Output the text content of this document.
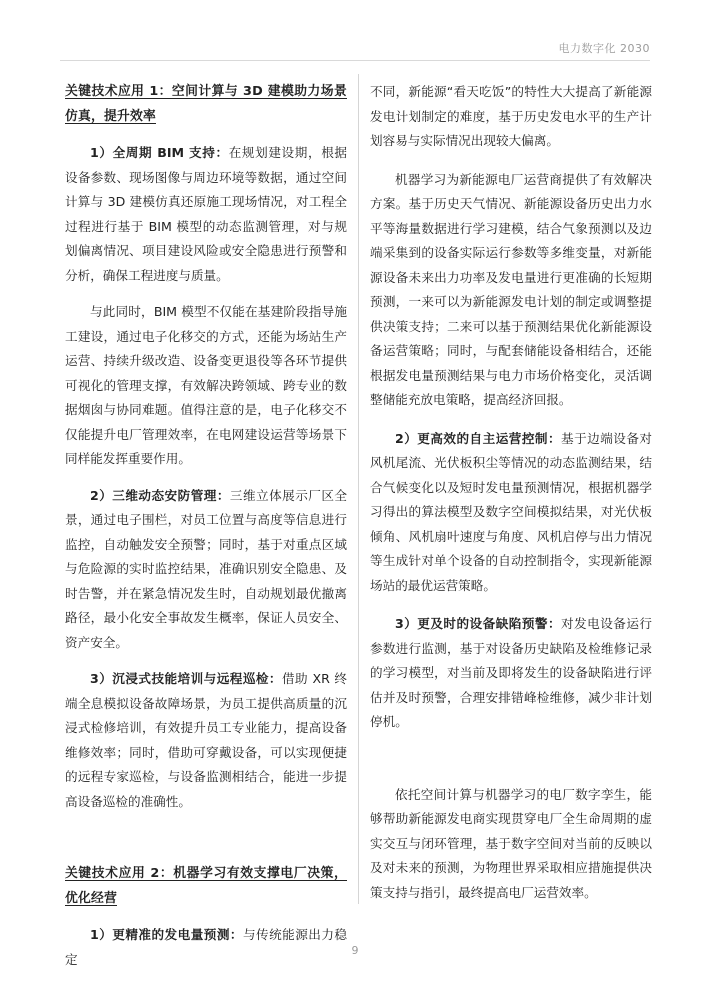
电力数字化 2030

关键技术应用 1：空间计算与 3D 建模助力场景仿真，提升效率

1）全周期 BIM 支持：在规划建设期，根据设备参数、现场图像与周边环境等数据，通过空间计算与 3D 建模仿真还原施工现场情况，对工程全过程进行基于 BIM 模型的动态监测管理，对与规划偏离情况、项目建设风险或安全隐患进行预警和分析，确保工程进度与质量。

与此同时，BIM 模型不仅能在基建阶段指导施工建设，通过电子化移交的方式，还能为场站生产运营、持续升级改造、设备变更退役等各环节提供可视化的管理支撑，有效解决跨领域、跨专业的数据烟囱与协同难题。值得注意的是，电子化移交不仅能提升电厂管理效率，在电网建设运营等场景下同样能发挥重要作用。

2）三维动态安防管理：三维立体展示厂区全景，通过电子围栏，对员工位置与高度等信息进行监控，自动触发安全预警；同时，基于对重点区域与危险源的实时监控结果，准确识别安全隐患、及时告警，并在紧急情况发生时，自动规划最优撤离路径，最小化安全事故发生概率，保证人员安全、资产安全。

3）沉浸式技能培训与远程巡检：借助 XR 终端全息模拟设备故障场景，为员工提供高质量的沉浸式检修培训，有效提升员工专业能力，提高设备维修效率；同时，借助可穿戴设备，可以实现便捷的远程专家巡检，与设备监测相结合，能进一步提高设备巡检的准确性。

关键技术应用 2：机器学习有效支撑电厂决策，优化经营

1）更精准的发电量预测：与传统能源出力稳定

不同，新能源“看天吃饭”的特性大大提高了新能源发电计划制定的难度，基于历史发电水平的生产计划容易与实际情况出现较大偏离。

机器学习为新能源电厂运营商提供了有效解决方案。基于历史天气情况、新能源设备历史出力水平等海量数据进行学习建模，结合气象预测以及边端采集到的设备实际运行参数等多维变量，对新能源设备未来出力功率及发电量进行更准确的长短期预测，一来可以为新能源发电计划的制定或调整提供决策支持；二来可以基于预测结果优化新能源设备运营策略；同时，与配套储能设备相结合，还能根据发电量预测结果与电力市场价格变化，灵活调整储能充放电策略，提高经济回报。

2）更高效的自主运营控制：基于边端设备对风机尾流、光伏板积尘等情况的动态监测结果，结合气候变化以及短时发电量预测情况，根据机器学习得出的算法模型及数字空间模拟结果，对光伏板倾角、风机扇叶速度与角度、风机启停与出力情况等生成针对单个设备的自动控制指令，实现新能源场站的最优运营策略。

3）更及时的设备缺陷预警：对发电设备运行参数进行监测，基于对设备历史缺陷及检维修记录的学习模型，对当前及即将发生的设备缺陷进行评估并及时预警，合理安排错峰检维修，减少非计划停机。

依托空间计算与机器学习的电厂数字孪生，能够帮助新能源发电商实现贯穿电厂全生命周期的虚实交互与闭环管理，基于数字空间对当前的反映以及对未来的预测，为物理世界采取相应措施提供决策支持与指引，最终提高电厂运营效率。

9
